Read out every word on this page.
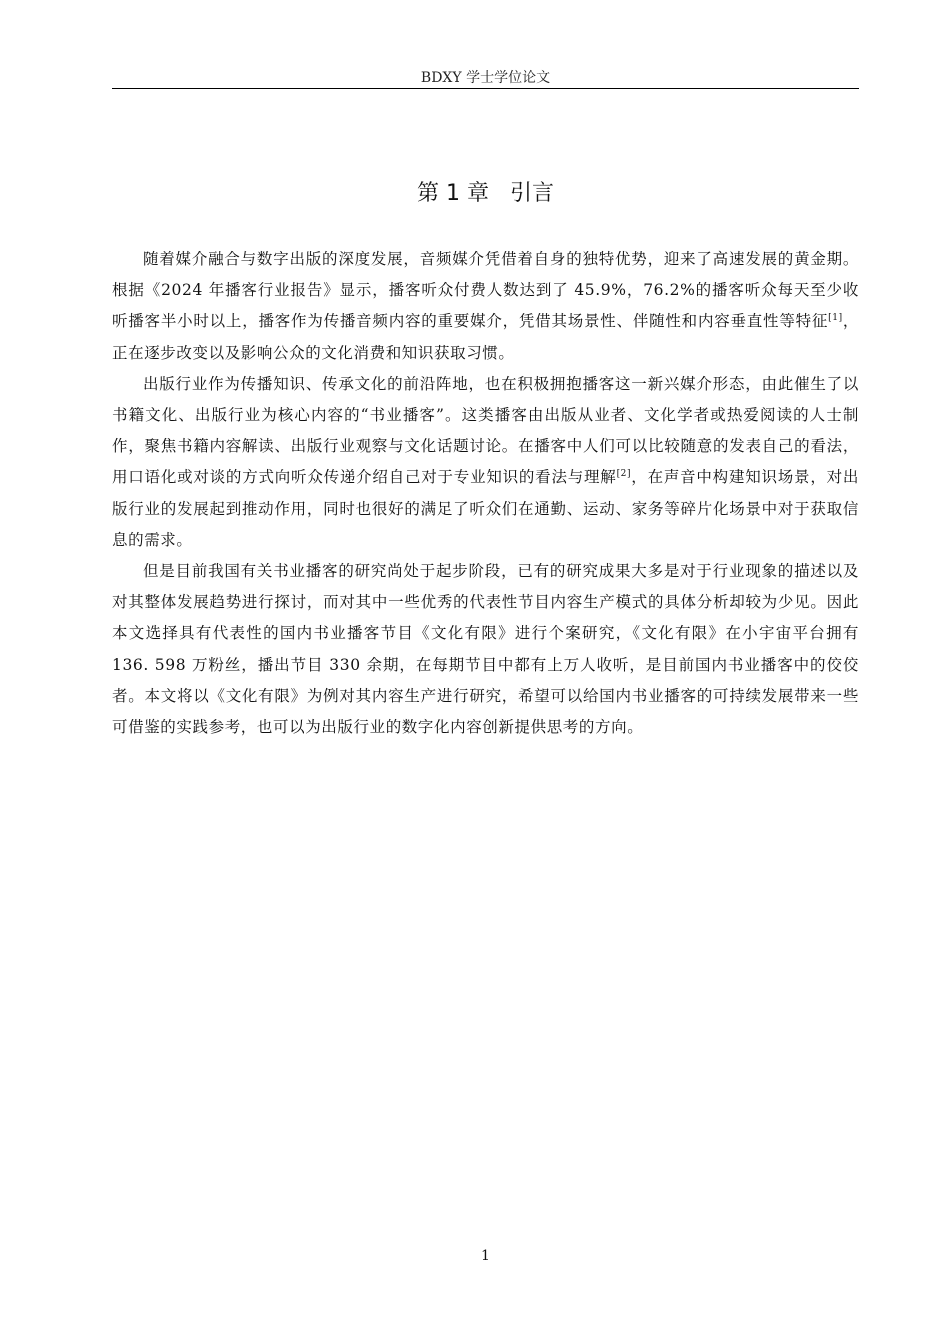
BDXY 学士学位论文
第 1 章   引言

随着媒介融合与数字出版的深度发展，音频媒介凭借着自身的独特优势，迎来了高速发展的黄金期。根据《2024 年播客行业报告》显示，播客听众付费人数达到了 45.9%，76.2%的播客听众每天至少收听播客半小时以上，播客作为传播音频内容的重要媒介，凭借其场景性、伴随性和内容垂直性等特征[1]，正在逐步改变以及影响公众的文化消费和知识获取习惯。

出版行业作为传播知识、传承文化的前沿阵地，也在积极拥抱播客这一新兴媒介形态，由此催生了以书籍文化、出版行业为核心内容的“书业播客”。这类播客由出版从业者、文化学者或热爱阅读的人士制作，聚焦书籍内容解读、出版行业观察与文化话题讨论。在播客中人们可以比较随意的发表自己的看法，用口语化或对谈的方式向听众传递介绍自己对于专业知识的看法与理解[2]，在声音中构建知识场景，对出版行业的发展起到推动作用，同时也很好的满足了听众们在通勤、运动、家务等碎片化场景中对于获取信息的需求。

但是目前我国有关书业播客的研究尚处于起步阶段，已有的研究成果大多是对于行业现象的描述以及对其整体发展趋势进行探讨，而对其中一些优秀的代表性节目内容生产模式的具体分析却较为少见。因此本文选择具有代表性的国内书业播客节目《文化有限》进行个案研究，《文化有限》在小宇宙平台拥有 136. 598 万粉丝，播出节目 330 余期，在每期节目中都有上万人收听，是目前国内书业播客中的佼佼者。本文将以《文化有限》为例对其内容生产进行研究，希望可以给国内书业播客的可持续发展带来一些可借鉴的实践参考，也可以为出版行业的数字化内容创新提供思考的方向。

1
